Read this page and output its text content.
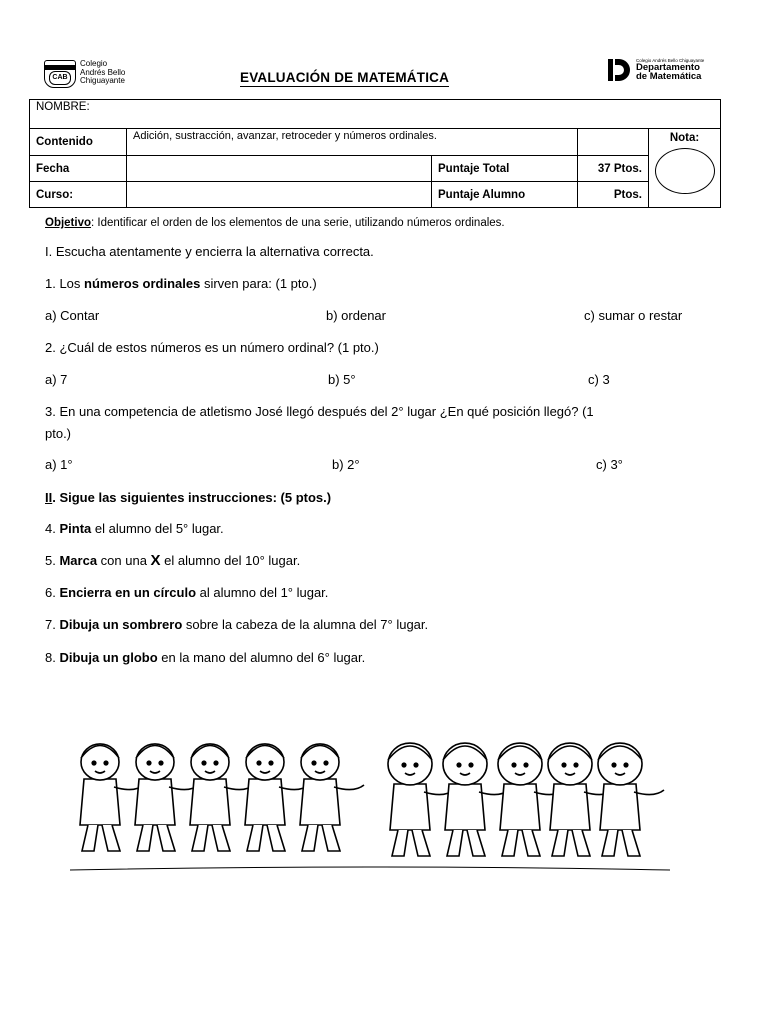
CAB
Colegio
Andrés Bello
Chiguayante	EVALUACIÓN DE MATEMÁTICA
Colegio Andrés Bello Chiguayante
Departamento
de Matemática
NOMBRE:				
Contenido	Adición, sustracción, avanzar, retroceder y números ordinales.			Nota:

Fecha		Puntaje Total	37 Ptos.	
Curso:		Puntaje Alumno	Ptos.	
Objetivo: Identificar el orden de los elementos de una serie, utilizando números ordinales.
I. Escucha atentamente y encierra la alternativa correcta.
1. Los números ordinales sirven para: (1 pto.)
a) Contar	b) ordenar	c) sumar o restar
2. ¿Cuál de estos números es un número ordinal? (1 pto.)
a) 7	b) 5°	c) 3
3. En una competencia de atletismo José llegó después del 2° lugar ¿En qué posición llegó? (1
pto.)
a) 1°	b) 2°	c) 3°
II. Sigue las siguientes instrucciones: (5 ptos.)
4. Pinta el alumno del 5° lugar.
5. Marca con una X el alumno del 10° lugar.
6. Encierra en un círculo al alumno del 1° lugar.
7. Dibuja un sombrero sobre la cabeza de la alumna del 7° lugar.
8. Dibuja un globo en la mano del alumno del 6° lugar.
